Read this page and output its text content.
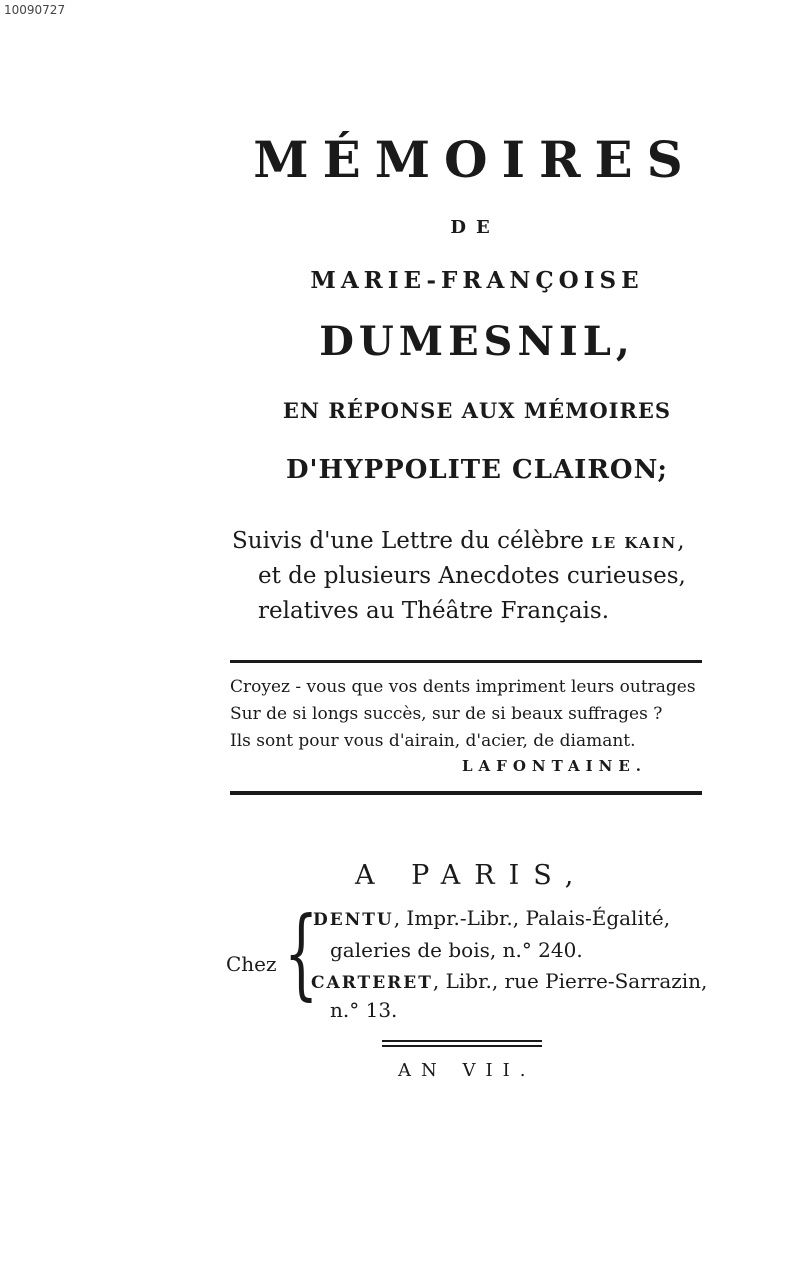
10090727
MÉMOIRES
DE
MARIE-FRANÇOISE
DUMESNIL,
EN RÉPONSE AUX MÉMOIRES
D'HYPPOLITE CLAIRON;
Suivis d'une Lettre du célèbre LE KAIN,
et de plusieurs Anecdotes curieuses,
relatives au Théâtre Français.
Croyez - vous que vos dents impriment leurs outrages
Sur de si longs succès, sur de si beaux suffrages ?
Ils sont pour vous d'airain, d'acier, de diamant.
LAFONTAINE.
A PARIS,
Chez {
DENTU, Impr.-Libr., Palais-Égalité,
galeries de bois, n.° 240.
CARTERET, Libr., rue Pierre-Sarrazin,
n.° 13.
AN VII.
